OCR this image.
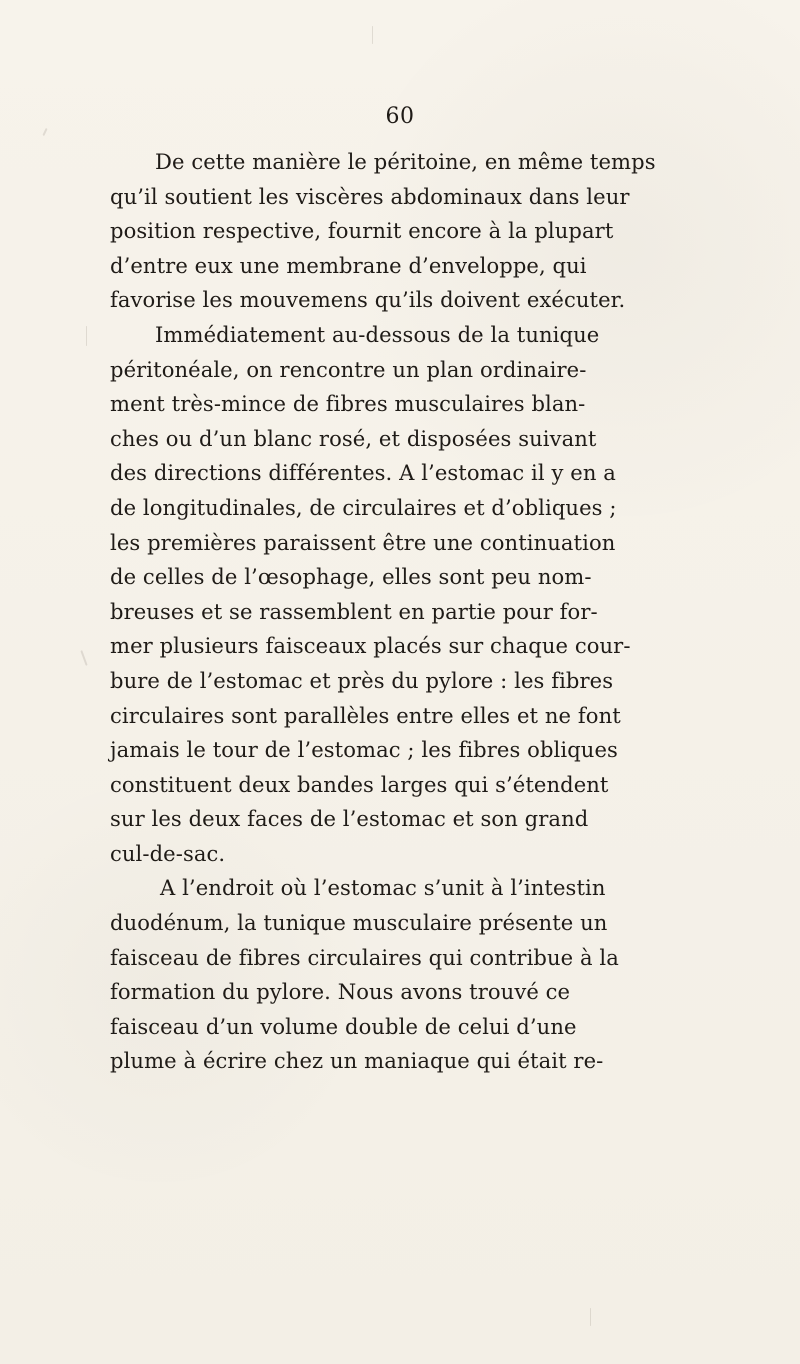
60

De cette manière le péritoine, en même temps
qu’il soutient les viscères abdominaux dans leur
position respective, fournit encore à la plupart
d’entre eux une membrane d’enveloppe, qui
favorise les mouvemens qu’ils doivent exécuter.

Immédiatement au-dessous de la tunique
péritonéale, on rencontre un plan ordinaire-
ment très-mince de fibres musculaires blan-
ches ou d’un blanc rosé, et disposées suivant
des directions différentes. A l’estomac il y en a
de longitudinales, de circulaires et d’obliques ;
les premières paraissent être une continuation
de celles de l’œsophage, elles sont peu nom-
breuses et se rassemblent en partie pour for-
mer plusieurs faisceaux placés sur chaque cour-
bure de l’estomac et près du pylore : les fibres
circulaires sont parallèles entre elles et ne font
jamais le tour de l’estomac ; les fibres obliques
constituent deux bandes larges qui s’étendent
sur les deux faces de l’estomac et son grand
cul-de-sac.

A l’endroit où l’estomac s’unit à l’intestin
duodénum, la tunique musculaire présente un
faisceau de fibres circulaires qui contribue à la
formation du pylore. Nous avons trouvé ce
faisceau d’un volume double de celui d’une
plume à écrire chez un maniaque qui était re-
